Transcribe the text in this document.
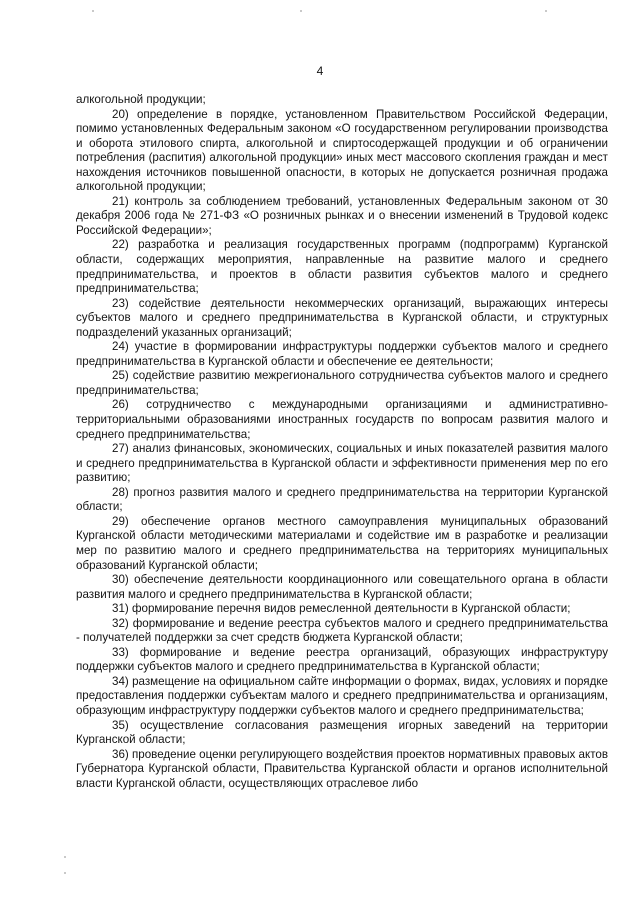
4

алкогольной продукции;

20) определение в порядке, установленном Правительством Российской Федерации, помимо установленных Федеральным законом «О государственном регулировании производства и оборота этилового спирта, алкогольной и спиртосодержащей продукции и об ограничении потребления (распития) алкогольной продукции» иных мест массового скопления граждан и мест нахождения источников повышенной опасности, в которых не допускается розничная продажа алкогольной продукции;

21) контроль за соблюдением требований, установленных Федеральным законом от 30 декабря 2006 года № 271-ФЗ «О розничных рынках и о внесении изменений в Трудовой кодекс Российской Федерации»;

22) разработка и реализация государственных программ (подпрограмм) Курганской области, содержащих мероприятия, направленные на развитие малого и среднего предпринимательства, и проектов в области развития субъектов малого и среднего предпринимательства;

23) содействие деятельности некоммерческих организаций, выражающих интересы субъектов малого и среднего предпринимательства в Курганской области, и структурных подразделений указанных организаций;

24) участие в формировании инфраструктуры поддержки субъектов малого и среднего предпринимательства в Курганской области и обеспечение ее деятельности;

25) содействие развитию межрегионального сотрудничества субъектов малого и среднего предпринимательства;

26) сотрудничество с международными организациями и административно-территориальными образованиями иностранных государств по вопросам развития малого и среднего предпринимательства;

27) анализ финансовых, экономических, социальных и иных показателей развития малого и среднего предпринимательства в Курганской области и эффективности применения мер по его развитию;

28) прогноз развития малого и среднего предпринимательства на территории Курганской области;

29) обеспечение органов местного самоуправления муниципальных образований Курганской области методическими материалами и содействие им в разработке и реализации мер по развитию малого и среднего предпринимательства на территориях муниципальных образований Курганской области;

30) обеспечение деятельности координационного или совещательного органа в области развития малого и среднего предпринимательства в Курганской области;

31) формирование перечня видов ремесленной деятельности в Курганской области;

32) формирование и ведение реестра субъектов малого и среднего предпринимательства - получателей поддержки за счет средств бюджета Курганской области;

33) формирование и ведение реестра организаций, образующих инфраструктуру поддержки субъектов малого и среднего предпринимательства в Курганской области;

34) размещение на официальном сайте информации о формах, видах, условиях и порядке предоставления поддержки субъектам малого и среднего предпринимательства и организациям, образующим инфраструктуру поддержки субъектов малого и среднего предпринимательства;

35) осуществление согласования размещения игорных заведений на территории Курганской области;

36) проведение оценки регулирующего воздействия проектов нормативных правовых актов Губернатора Курганской области, Правительства Курганской области и органов исполнительной власти Курганской области, осуществляющих отраслевое либо
